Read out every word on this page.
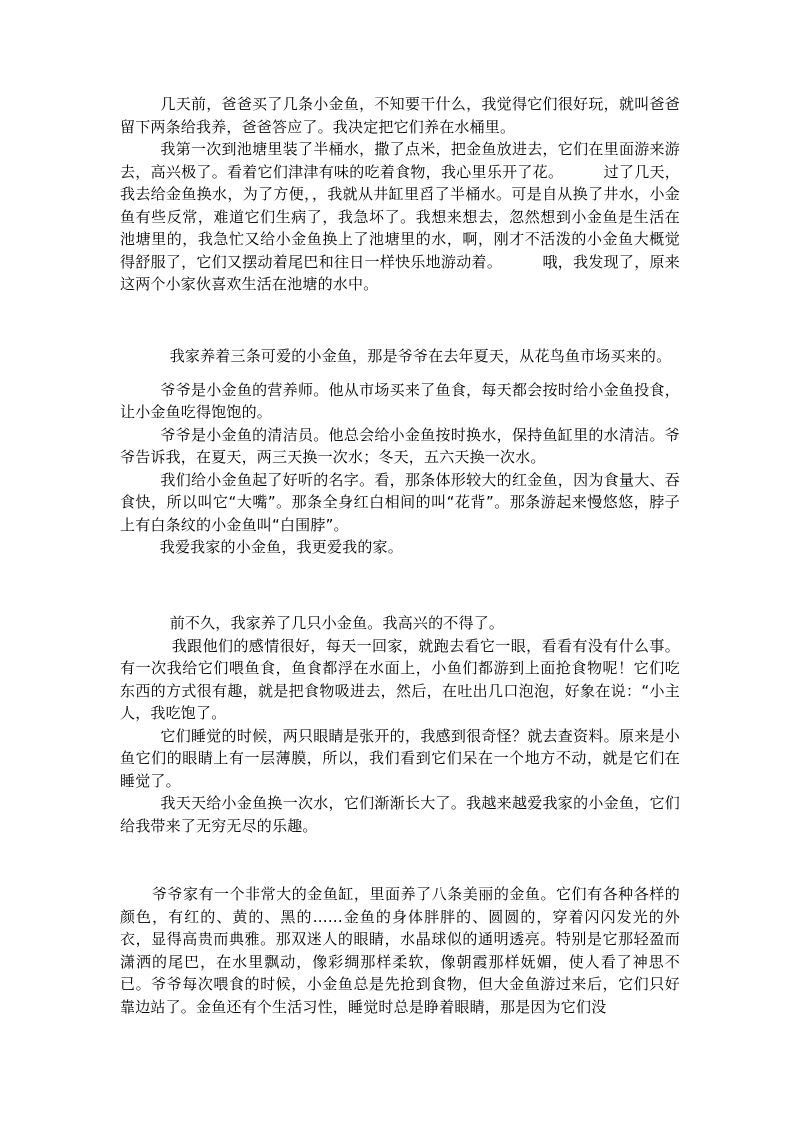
几天前，爸爸买了几条小金鱼，不知要干什么，我觉得它们很好玩，就叫爸爸留下两条给我养，爸爸答应了。我决定把它们养在水桶里。

我第一次到池塘里装了半桶水，撒了点米，把金鱼放进去，它们在里面游来游去，高兴极了。看着它们津津有味的吃着食物，我心里乐开了花。        过了几天，我去给金鱼换水，为了方便，，我就从井缸里舀了半桶水。可是自从换了井水，小金鱼有些反常，难道它们生病了，我急坏了。我想来想去，忽然想到小金鱼是生活在池塘里的，我急忙又给小金鱼换上了池塘里的水，啊，刚才不活泼的小金鱼大概觉得舒服了，它们又摆动着尾巴和往日一样快乐地游动着。        哦，我发现了，原来这两个小家伙喜欢生活在池塘的水中。

我家养着三条可爱的小金鱼，那是爷爷在去年夏天，从花鸟鱼市场买来的。

爷爷是小金鱼的营养师。他从市场买来了鱼食，每天都会按时给小金鱼投食，让小金鱼吃得饱饱的。

爷爷是小金鱼的清洁员。他总会给小金鱼按时换水，保持鱼缸里的水清洁。爷爷告诉我，在夏天，两三天换一次水；冬天，五六天换一次水。

我们给小金鱼起了好听的名字。看，那条体形较大的红金鱼，因为食量大、吞食快，所以叫它“大嘴”。那条全身红白相间的叫“花背”。那条游起来慢悠悠，脖子上有白条纹的小金鱼叫“白围脖”。

我爱我家的小金鱼，我更爱我的家。

前不久，我家养了几只小金鱼。我高兴的不得了。

我跟他们的感情很好，每天一回家，就跑去看它一眼，看看有没有什么事。有一次我给它们喂鱼食，鱼食都浮在水面上，小鱼们都游到上面抢食物呢！它们吃东西的方式很有趣，就是把食物吸进去，然后，在吐出几口泡泡，好象在说：“小主人，我吃饱了。

它们睡觉的时候，两只眼睛是张开的，我感到很奇怪？就去查资料。原来是小鱼它们的眼睛上有一层薄膜，所以，我们看到它们呆在一个地方不动，就是它们在睡觉了。

我天天给小金鱼换一次水，它们渐渐长大了。我越来越爱我家的小金鱼，它们给我带来了无穷无尽的乐趣。

爷爷家有一个非常大的金鱼缸，里面养了八条美丽的金鱼。它们有各种各样的颜色，有红的、黄的、黑的……金鱼的身体胖胖的、圆圆的，穿着闪闪发光的外衣，显得高贵而典雅。那双迷人的眼睛，水晶球似的通明透亮。特别是它那轻盈而潇洒的尾巴，在水里飘动，像彩绸那样柔软，像朝霞那样妩媚，使人看了神思不已。爷爷每次喂食的时候，小金鱼总是先抢到食物，但大金鱼游过来后，它们只好靠边站了。金鱼还有个生活习性，睡觉时总是睁着眼睛，那是因为它们没
